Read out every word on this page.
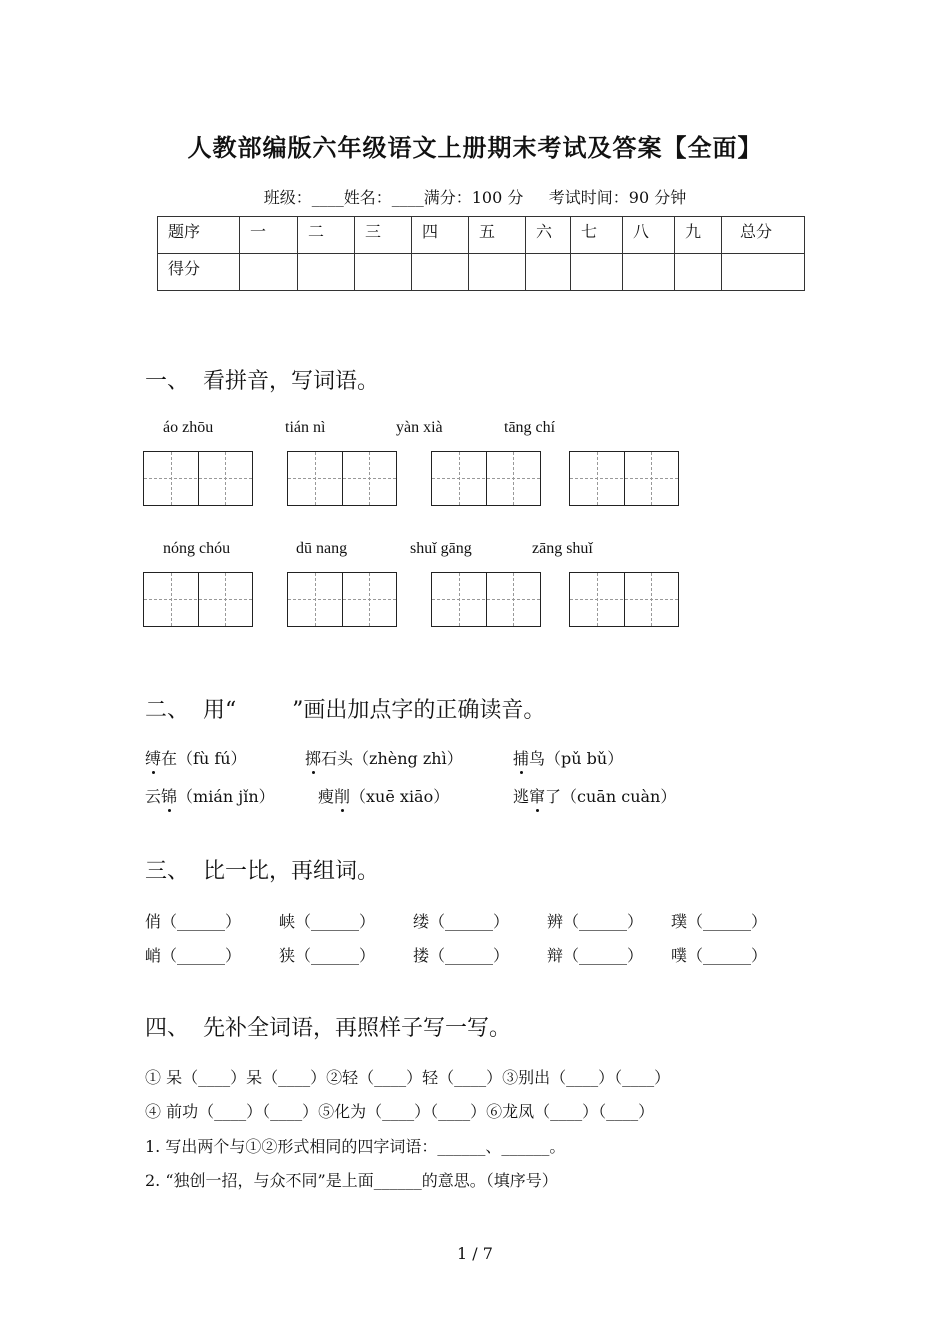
人教部编版六年级语文上册期末考试及答案【全面】
班级：____姓名：____满分：100 分     考试时间：90 分钟
题序	一	二	三	四	五	六	七	八	九	总分
得分										
一、  看拼音，写词语。
áo zhōu	tián nì	yàn xià	tāng chí
nóng chóu	dū nang	shuǐ gāng	zāng shuǐ
二、  用“        ”画出加点字的正确读音。
缚在（fù fú）	掷石头（zhèng zhì）	捕鸟（pǔ bǔ）
云锦（mián jǐn）	瘦削（xuē xiāo）	逃窜了（cuān cuàn）
三、  比一比，再组词。
俏（______） 峡（______） 缕（______） 辨（______） 璞（______）
峭（______） 狭（______） 搂（______） 辩（______） 噗（______）
四、  先补全词语，再照样子写一写。
① 呆（____）呆（____）②轻（____）轻（____）③别出（____）（____）
④ 前功（____）（____）⑤化为（____）（____）⑥龙凤（____）（____）
1. 写出两个与①②形式相同的四字词语：______、______。
2. “独创一招，与众不同”是上面______的意思。（填序号）
1 / 7
